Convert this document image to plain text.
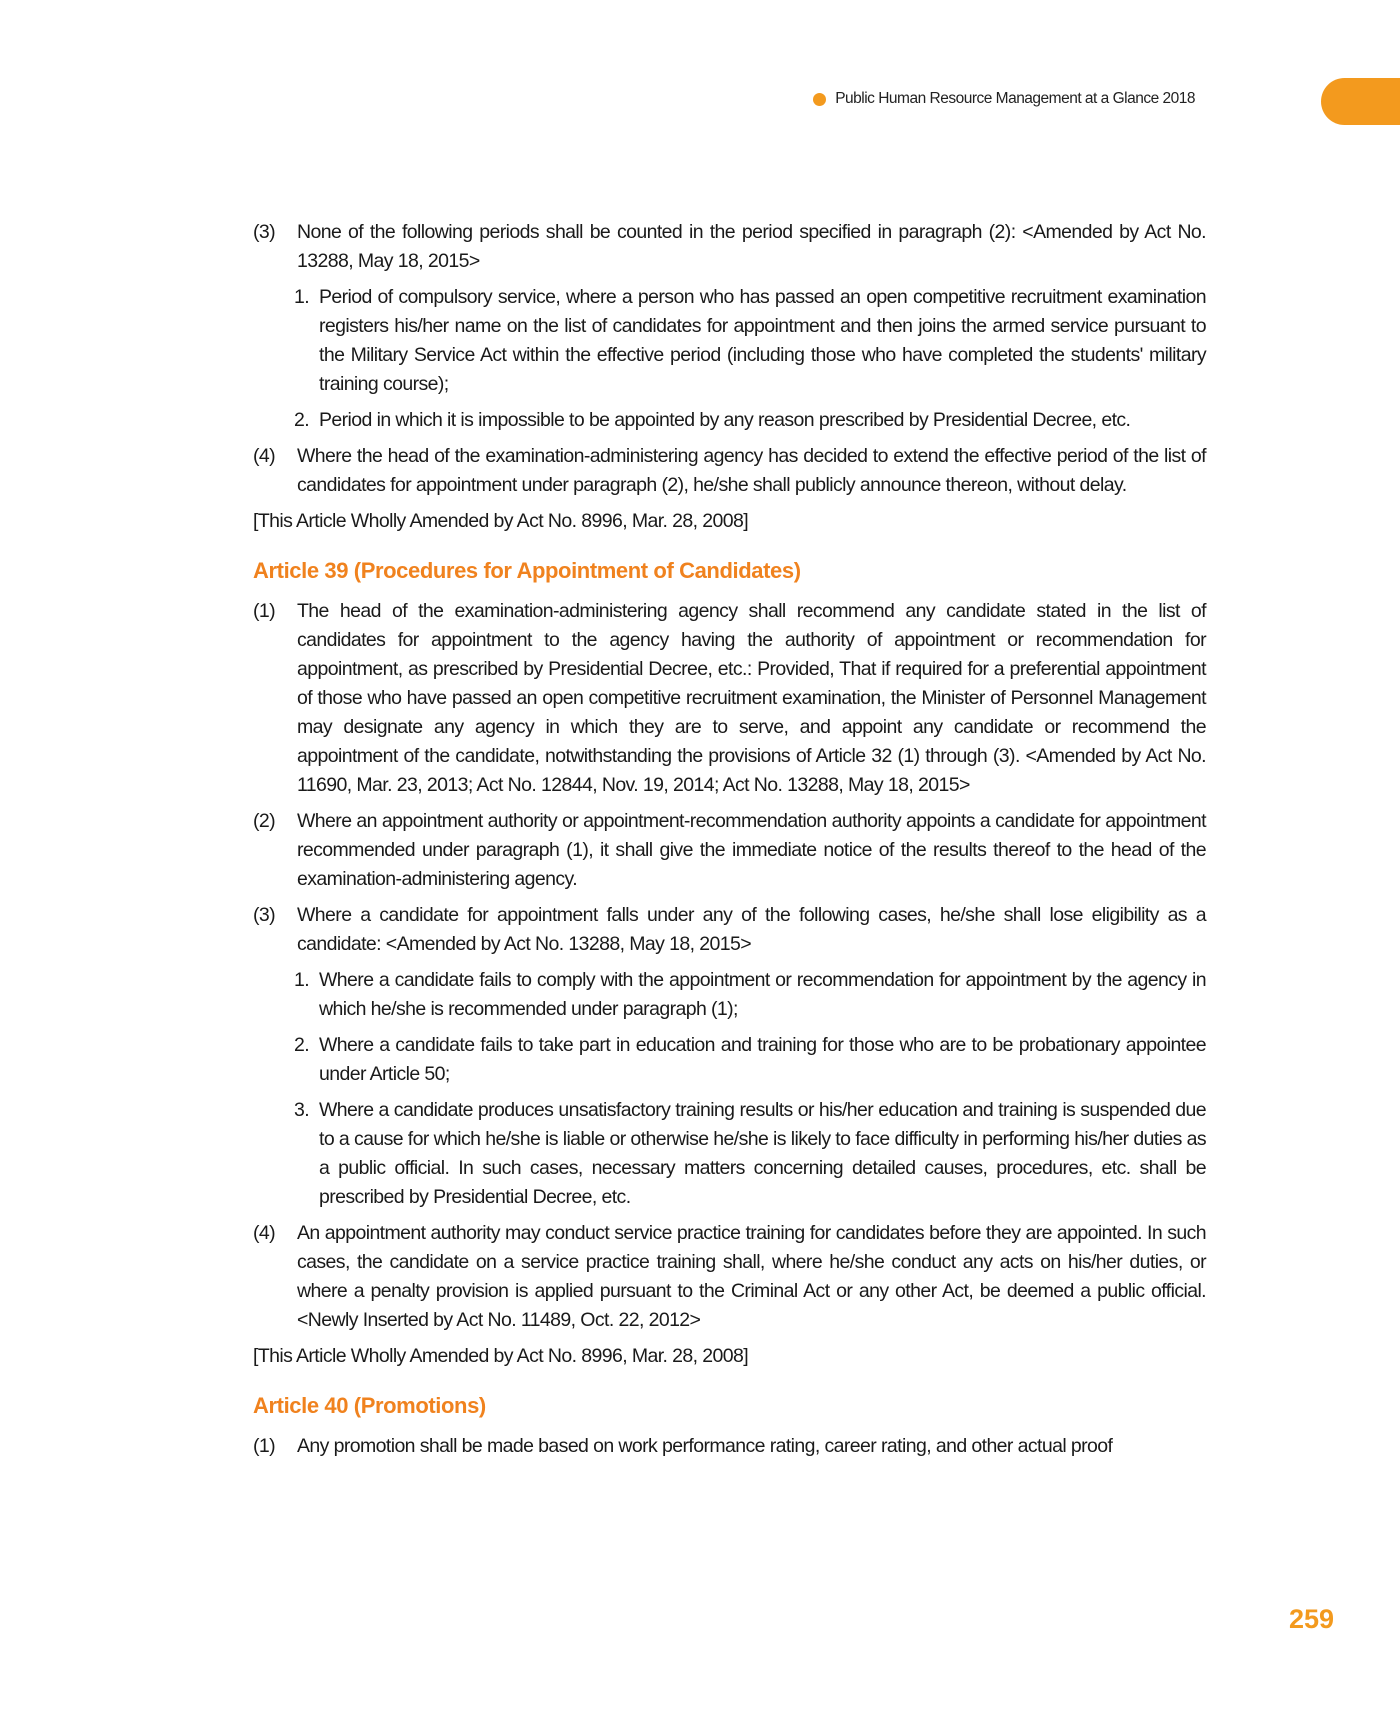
Public Human Resource Management at a Glance 2018
(3) None of the following periods shall be counted in the period specified in paragraph (2): <Amended by Act No. 13288, May 18, 2015>
1. Period of compulsory service, where a person who has passed an open competitive recruitment examination registers his/her name on the list of candidates for appointment and then joins the armed service pursuant to the Military Service Act within the effective period (including those who have completed the students' military training course);
2. Period in which it is impossible to be appointed by any reason prescribed by Presidential Decree, etc.
(4) Where the head of the examination-administering agency has decided to extend the effective period of the list of candidates for appointment under paragraph (2), he/she shall publicly announce thereon, without delay.
[This Article Wholly Amended by Act No. 8996, Mar. 28, 2008]
Article 39 (Procedures for Appointment of Candidates)
(1) The head of the examination-administering agency shall recommend any candidate stated in the list of candidates for appointment to the agency having the authority of appointment or recommendation for appointment, as prescribed by Presidential Decree, etc.: Provided, That if required for a preferential appointment of those who have passed an open competitive recruitment examination, the Minister of Personnel Management may designate any agency in which they are to serve, and appoint any candidate or recommend the appointment of the candidate, notwithstanding the provisions of Article 32 (1) through (3). <Amended by Act No. 11690, Mar. 23, 2013; Act No. 12844, Nov. 19, 2014; Act No. 13288, May 18, 2015>
(2) Where an appointment authority or appointment-recommendation authority appoints a candidate for appointment recommended under paragraph (1), it shall give the immediate notice of the results thereof to the head of the examination-administering agency.
(3) Where a candidate for appointment falls under any of the following cases, he/she shall lose eligibility as a candidate: <Amended by Act No. 13288, May 18, 2015>
1. Where a candidate fails to comply with the appointment or recommendation for appointment by the agency in which he/she is recommended under paragraph (1);
2. Where a candidate fails to take part in education and training for those who are to be probationary appointee under Article 50;
3. Where a candidate produces unsatisfactory training results or his/her education and training is suspended due to a cause for which he/she is liable or otherwise he/she is likely to face difficulty in performing his/her duties as a public official. In such cases, necessary matters concerning detailed causes, procedures, etc. shall be prescribed by Presidential Decree, etc.
(4) An appointment authority may conduct service practice training for candidates before they are appointed. In such cases, the candidate on a service practice training shall, where he/she conduct any acts on his/her duties, or where a penalty provision is applied pursuant to the Criminal Act or any other Act, be deemed a public official. <Newly Inserted by Act No. 11489, Oct. 22, 2012>
[This Article Wholly Amended by Act No. 8996, Mar. 28, 2008]
Article 40 (Promotions)
(1) Any promotion shall be made based on work performance rating, career rating, and other actual proof
259
